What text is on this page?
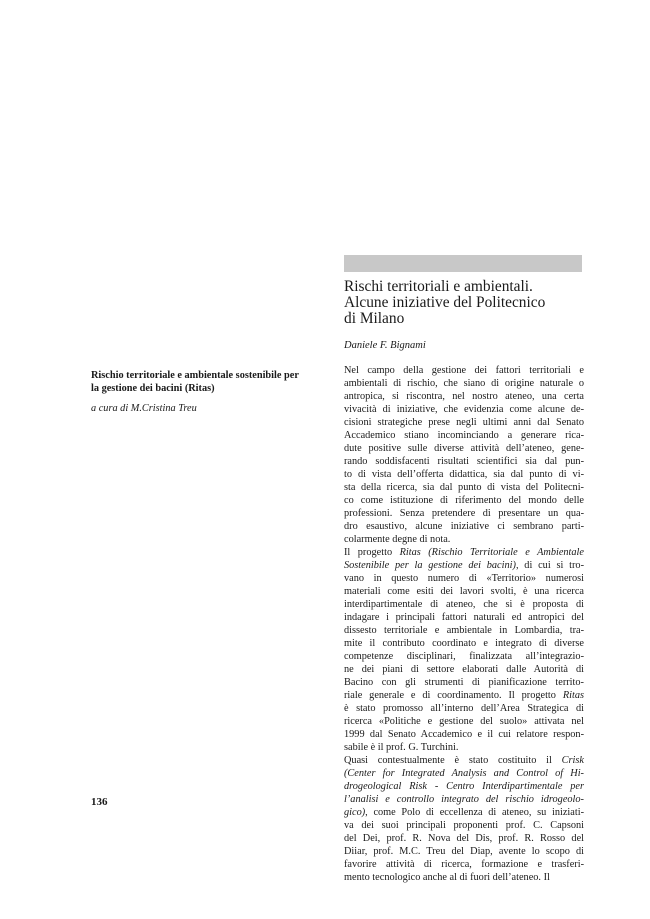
Rischi territoriali e ambientali.
Alcune iniziative del Politecnico
di Milano
Daniele F. Bignami
Rischio territoriale e ambientale sostenibile per
la gestione dei bacini (Ritas)
a cura di M.Cristina Treu
Nel campo della gestione dei fattori territoriali e
ambientali di rischio, che siano di origine naturale o
antropica, si riscontra, nel nostro ateneo, una certa
vivacità di iniziative, che evidenzia come alcune de-
cisioni strategiche prese negli ultimi anni dal Senato
Accademico stiano incominciando a generare rica-
dute positive sulle diverse attività dell’ateneo, gene-
rando soddisfacenti risultati scientifici sia dal pun-
to di vista dell’offerta didattica, sia dal punto di vi-
sta della ricerca, sia dal punto di vista del Politecni-
co come istituzione di riferimento del mondo delle
professioni. Senza pretendere di presentare un qua-
dro esaustivo, alcune iniziative ci sembrano parti-
colarmente degne di nota.
Il progetto Ritas (Rischio Territoriale e Ambientale
Sostenibile per la gestione dei bacini), di cui si tro-
vano in questo numero di «Territorio» numerosi
materiali come esiti dei lavori svolti, è una ricerca
interdipartimentale di ateneo, che si è proposta di
indagare i principali fattori naturali ed antropici del
dissesto territoriale e ambientale in Lombardia, tra-
mite il contributo coordinato e integrato di diverse
competenze disciplinari, finalizzata all’integrazio-
ne dei piani di settore elaborati dalle Autorità di
Bacino con gli strumenti di pianificazione territo-
riale generale e di coordinamento. Il progetto Ritas
è stato promosso all’interno dell’Area Strategica di
ricerca «Politiche e gestione del suolo» attivata nel
1999 dal Senato Accademico e il cui relatore respon-
sabile è il prof. G. Turchini.
Quasi contestualmente è stato costituito il Crisk
(Center for Integrated Analysis and Control of Hi-
drogeological Risk - Centro Interdipartimentale per
l’analisi e controllo integrato del rischio idrogeolo-
gico), come Polo di eccellenza di ateneo, su iniziati-
va dei suoi principali proponenti prof. C. Capsoni
del Dei, prof. R. Nova del Dis, prof. R. Rosso del
Diiar, prof. M.C. Treu del Diap, avente lo scopo di
favorire attività di ricerca, formazione e trasferi-
mento tecnologico anche al di fuori dell’ateneo. Il
136
